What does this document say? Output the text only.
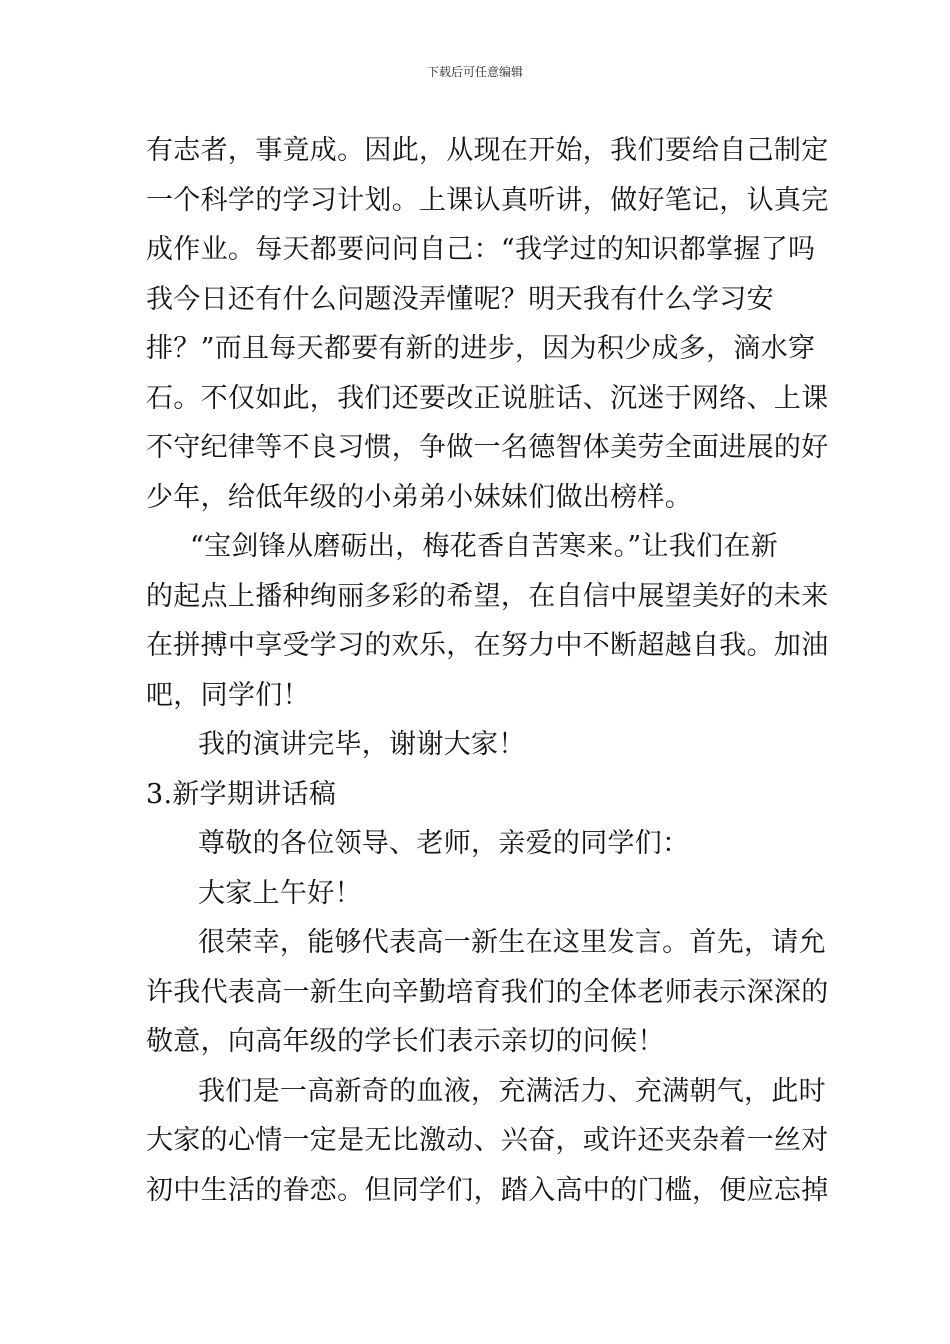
下载后可任意编辑
有志者，事竟成。因此，从现在开始，我们要给自己制定
一个科学的学习计划。上课认真听讲，做好笔记，认真完
成作业。每天都要问问自己：“我学过的知识都掌握了吗
我今日还有什么问题没弄懂呢？明天我有什么学习安
排？”而且每天都要有新的进步，因为积少成多，滴水穿
石。不仅如此，我们还要改正说脏话、沉迷于网络、上课
不守纪律等不良习惯，争做一名德智体美劳全面进展的好
少年，给低年级的小弟弟小妹妹们做出榜样。
“宝剑锋从磨砺出，梅花香自苦寒来。”让我们在新
的起点上播种绚丽多彩的希望，在自信中展望美好的未来
在拼搏中享受学习的欢乐，在努力中不断超越自我。加油
吧，同学们！
我的演讲完毕，谢谢大家！
3.新学期讲话稿
尊敬的各位领导、老师，亲爱的同学们：
大家上午好！
很荣幸，能够代表高一新生在这里发言。首先，请允
许我代表高一新生向辛勤培育我们的全体老师表示深深的
敬意，向高年级的学长们表示亲切的问候！
我们是一高新奇的血液，充满活力、充满朝气，此时
大家的心情一定是无比激动、兴奋，或许还夹杂着一丝对
初中生活的眷恋。但同学们，踏入高中的门槛，便应忘掉
